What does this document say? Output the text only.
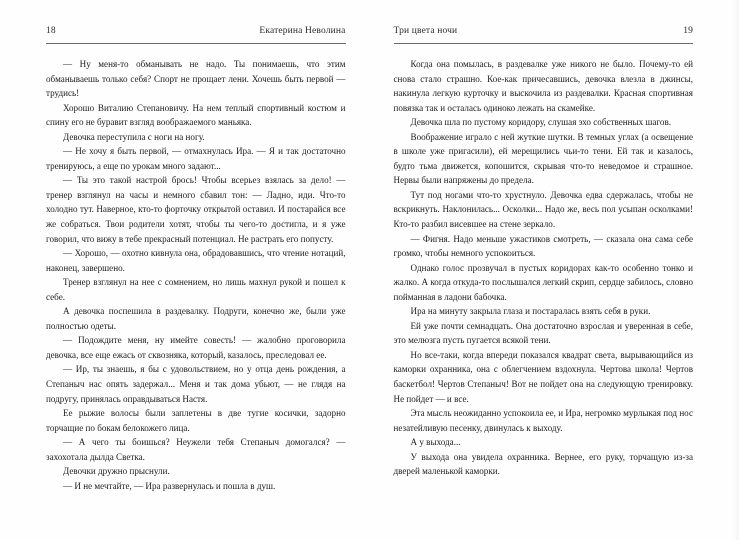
18	Екатерина Неволина

— Ну меня-то обманывать не надо. Ты понимаешь, что этим обманываешь только себя? Спорт не прощает лени. Хочешь быть первой — трудись!

Хорошо Виталию Степановичу. На нем теплый спортивный костюм и спину его не буравит взгляд воображаемого маньяка.

Девочка переступила с ноги на ногу.

— Не хочу я быть первой, — отмахнулась Ира. — Я и так достаточно тренируюсь, а еще по урокам много задают...

— Ты это такой настрой брось! Чтобы всерьез взялась за дело! — тренер взглянул на часы и немного сбавил тон: — Ладно, иди. Что-то холодно тут. Наверное, кто-то форточку открытой оставил. И постарайся все же собраться. Твои родители хотят, чтобы ты чего-то достигла, и я уже говорил, что вижу в тебе прекрасный потенциал. Не растрать его попусту.

— Хорошо, — охотно кивнула она, обрадовавшись, что чтение нотаций, наконец, завершено.

Тренер взглянул на нее с сомнением, но лишь махнул рукой и пошел к себе.

А девочка поспешила в раздевалку. Подруги, конечно же, были уже полностью одеты.

— Подождите меня, ну имейте совесть! — жалобно проговорила девочка, все еще ежась от сквозняка, который, казалось, преследовал ее.

— Ир, ты знаешь, я бы с удовольствием, но у отца день рождения, а Степаныч нас опять задержал... Меня и так дома убьют, — не глядя на подругу, принялась оправдываться Настя.

Ее рыжие волосы были заплетены в две тугие косички, задорно торчащие по бокам белокожего лица.

— А чего ты боишься? Неужели тебя Степаныч домогался? — захохотала дылда Светка.

Девочки дружно прыснули.

— И не мечтайте, — Ира развернулась и пошла в душ.

Три цвета ночи	19

Когда она помылась, в раздевалке уже никого не было. Почему-то ей снова стало страшно. Кое-как причесавшись, девочка влезла в джинсы, накинула легкую курточку и выскочила из раздевалки. Красная спортивная повязка так и осталась одиноко лежать на скамейке.

Девочка шла по пустому коридору, слушая эхо собственных шагов.

Воображение играло с ней жуткие шутки. В темных углах (а освещение в школе уже пригасили), ей мерещились чьи-то тени. Ей так и казалось, будто тьма движется, копошится, скрывая что-то неведомое и страшное. Нервы были напряжены до предела.

Тут под ногами что-то хрустнуло. Девочка едва сдержалась, чтобы не вскрикнуть. Наклонилась... Осколки... Надо же, весь пол усыпан осколками! Кто-то разбил висевшее на стене зеркало.

— Фигня. Надо меньше ужастиков смотреть, — сказала она сама себе громко, чтобы немного успокоиться.

Однако голос прозвучал в пустых коридорах как-то особенно тонко и жалко. А когда откуда-то послышался легкий скрип, сердце забилось, словно пойманная в ладони бабочка.

Ира на минуту закрыла глаза и постаралась взять себя в руки.

Ей уже почти семнадцать. Она достаточно взрослая и уверенная в себе, это мелюзга пусть пугается всякой тени.

Но все-таки, когда впереди показался квадрат света, вырывающийся из каморки охранника, она с облегчением вздохнула. Чертова школа! Чертов баскетбол! Чертов Степаныч! Вот не пойдет она на следующую тренировку. Не пойдет — и все.

Эта мысль неожиданно успокоила ее, и Ира, негромко мурлыкая под нос незатейливую песенку, двинулась к выходу.

А у выхода...

У выхода она увидела охранника. Вернее, его руку, торчащую из-за дверей маленькой каморки.
